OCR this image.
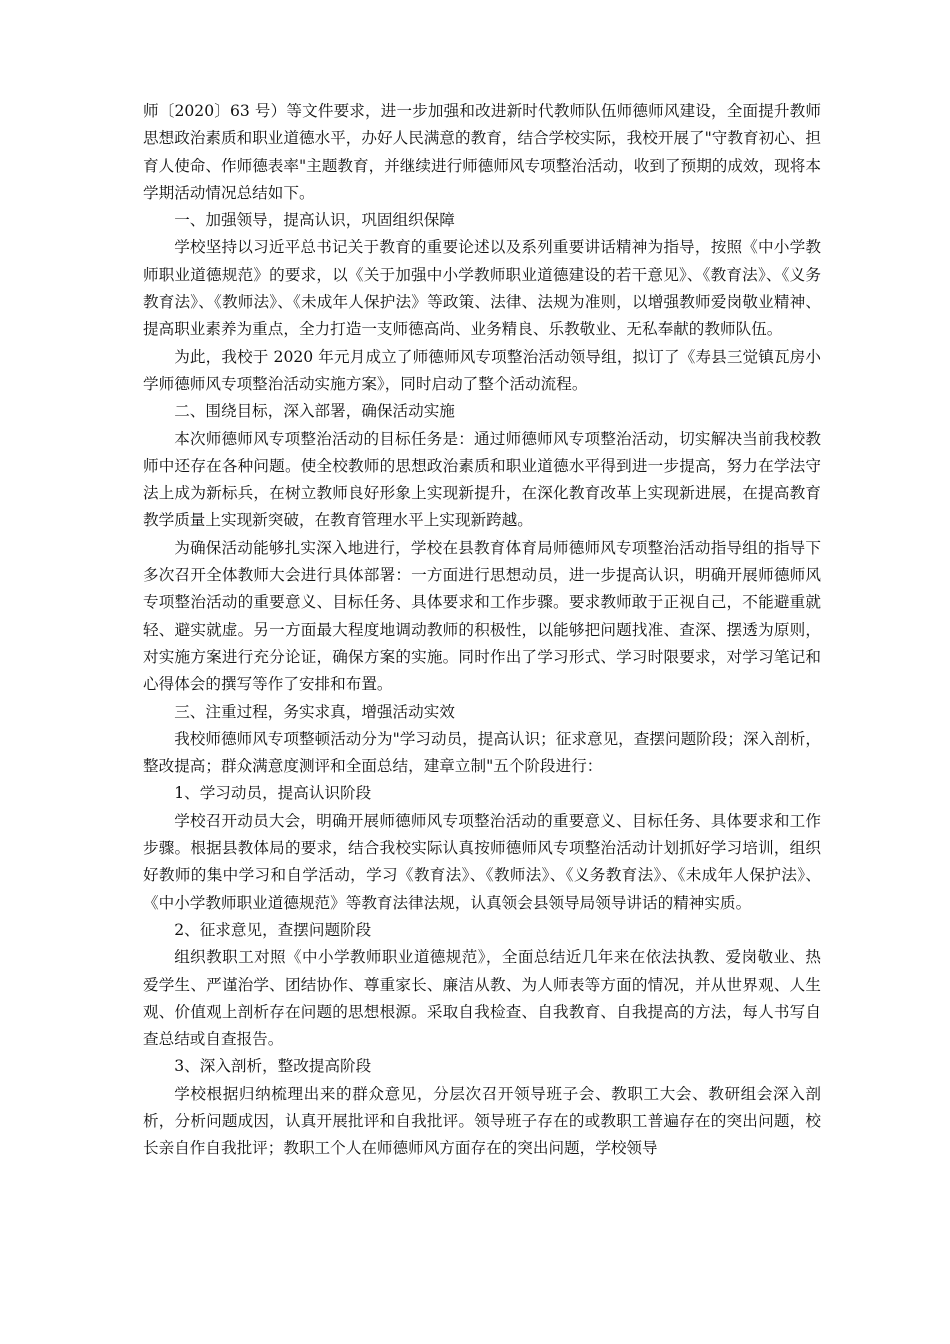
师〔2020〕63 号）等文件要求，进一步加强和改进新时代教师队伍师德师风建设，全面提升教师思想政治素质和职业道德水平，办好人民满意的教育，结合学校实际，我校开展了"守教育初心、担育人使命、作师德表率"主题教育，并继续进行师德师风专项整治活动，收到了预期的成效，现将本学期活动情况总结如下。

一、加强领导，提高认识，巩固组织保障

学校坚持以习近平总书记关于教育的重要论述以及系列重要讲话精神为指导，按照《中小学教师职业道德规范》的要求，以《关于加强中小学教师职业道德建设的若干意见》、《教育法》、《义务教育法》、《教师法》、《未成年人保护法》等政策、法律、法规为准则，以增强教师爱岗敬业精神、提高职业素养为重点，全力打造一支师德高尚、业务精良、乐教敬业、无私奉献的教师队伍。

为此，我校于 2020 年元月成立了师德师风专项整治活动领导组，拟订了《寿县三觉镇瓦房小学师德师风专项整治活动实施方案》，同时启动了整个活动流程。

二、围绕目标，深入部署，确保活动实施

本次师德师风专项整治活动的目标任务是：通过师德师风专项整治活动，切实解决当前我校教师中还存在各种问题。使全校教师的思想政治素质和职业道德水平得到进一步提高，努力在学法守法上成为新标兵，在树立教师良好形象上实现新提升，在深化教育改革上实现新进展，在提高教育教学质量上实现新突破，在教育管理水平上实现新跨越。

为确保活动能够扎实深入地进行，学校在县教育体育局师德师风专项整治活动指导组的指导下多次召开全体教师大会进行具体部署：一方面进行思想动员，进一步提高认识，明确开展师德师风专项整治活动的重要意义、目标任务、具体要求和工作步骤。要求教师敢于正视自己，不能避重就轻、避实就虚。另一方面最大程度地调动教师的积极性，以能够把问题找准、查深、摆透为原则，对实施方案进行充分论证，确保方案的实施。同时作出了学习形式、学习时限要求，对学习笔记和心得体会的撰写等作了安排和布置。

三、注重过程，务实求真，增强活动实效

我校师德师风专项整顿活动分为"学习动员，提高认识；征求意见，查摆问题阶段；深入剖析，整改提高；群众满意度测评和全面总结，建章立制"五个阶段进行：

1、学习动员，提高认识阶段

学校召开动员大会，明确开展师德师风专项整治活动的重要意义、目标任务、具体要求和工作步骤。根据县教体局的要求，结合我校实际认真按师德师风专项整治活动计划抓好学习培训，组织好教师的集中学习和自学活动，学习《教育法》、《教师法》、《义务教育法》、《未成年人保护法》、《中小学教师职业道德规范》等教育法律法规，认真领会县领导局领导讲话的精神实质。

2、征求意见，查摆问题阶段

组织教职工对照《中小学教师职业道德规范》，全面总结近几年来在依法执教、爱岗敬业、热爱学生、严谨治学、团结协作、尊重家长、廉洁从教、为人师表等方面的情况，并从世界观、人生观、价值观上剖析存在问题的思想根源。采取自我检查、自我教育、自我提高的方法，每人书写自查总结或自查报告。

3、深入剖析，整改提高阶段

学校根据归纳梳理出来的群众意见，分层次召开领导班子会、教职工大会、教研组会深入剖析，分析问题成因，认真开展批评和自我批评。领导班子存在的或教职工普遍存在的突出问题，校长亲自作自我批评；教职工个人在师德师风方面存在的突出问题，学校领导
